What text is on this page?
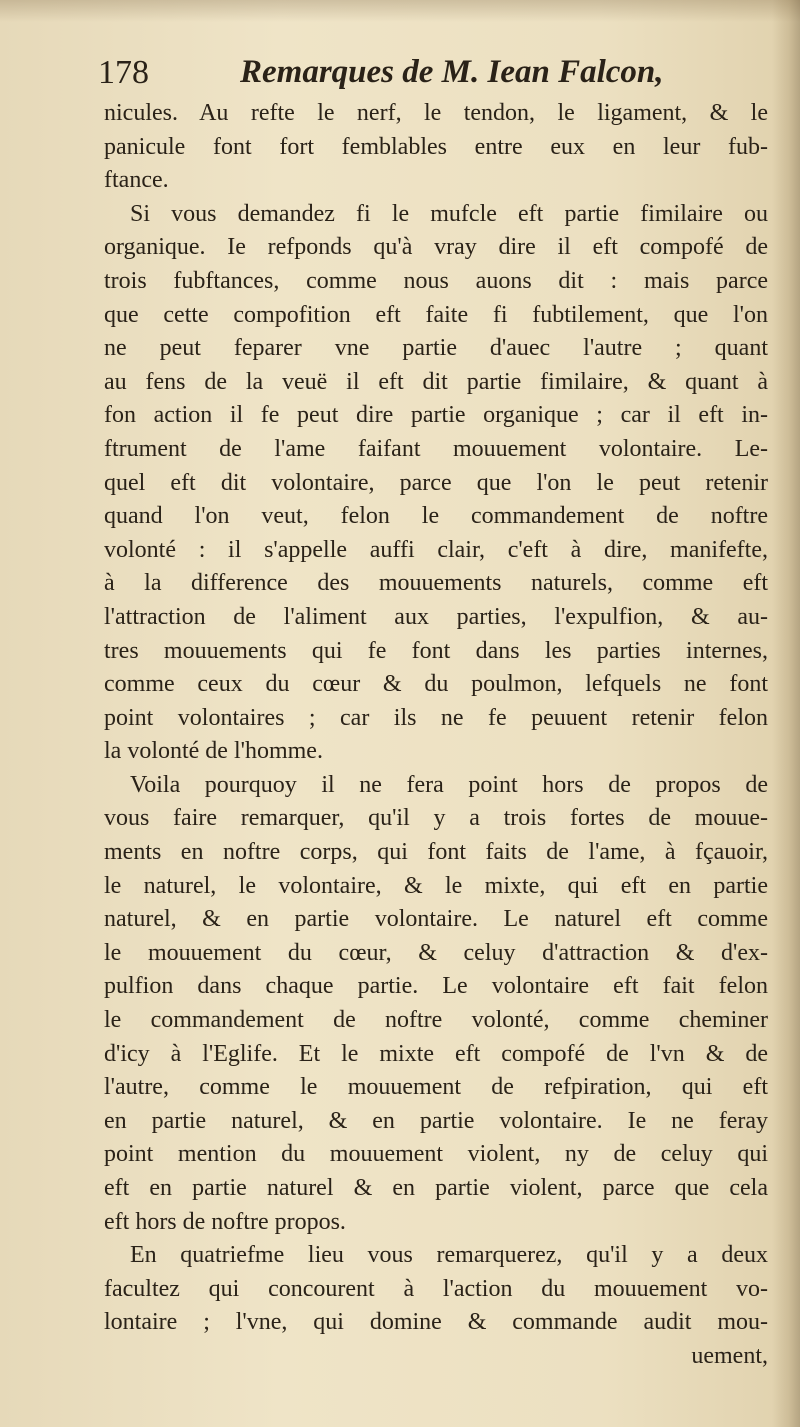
178	Remarques de M. Iean Falcon,
nicules. Au refte le nerf, le tendon, le ligament, & le
panicule font fort femblables entre eux en leur fub-
ftance.
Si vous demandez fi le mufcle eft partie fimilaire ou
organique. Ie refponds qu'à vray dire il eft compofé de
trois fubftances, comme nous auons dit : mais parce
que cette compofition eft faite fi fubtilement, que l'on
ne peut feparer vne partie d'auec l'autre ; quant
au fens de la veuë il eft dit partie fimilaire, & quant à
fon action il fe peut dire partie organique ; car il eft in-
ftrument de l'ame faifant mouuement volontaire. Le-
quel eft dit volontaire, parce que l'on le peut retenir
quand l'on veut, felon le commandement de noftre
volonté : il s'appelle auffi clair, c'eft à dire, manifefte,
à la difference des mouuements naturels, comme eft
l'attraction de l'aliment aux parties, l'expulfion, & au-
tres mouuements qui fe font dans les parties internes,
comme ceux du cœur & du poulmon, lefquels ne font
point volontaires ; car ils ne fe peuuent retenir felon
la volonté de l'homme.
Voila pourquoy il ne fera point hors de propos de
vous faire remarquer, qu'il y a trois fortes de mouue-
ments en noftre corps, qui font faits de l'ame, à fçauoir,
le naturel, le volontaire, & le mixte, qui eft en partie
naturel, & en partie volontaire. Le naturel eft comme
le mouuement du cœur, & celuy d'attraction & d'ex-
pulfion dans chaque partie. Le volontaire eft fait felon
le commandement de noftre volonté, comme cheminer
d'icy à l'Eglife. Et le mixte eft compofé de l'vn & de
l'autre, comme le mouuement de refpiration, qui eft
en partie naturel, & en partie volontaire. Ie ne feray
point mention du mouuement violent, ny de celuy qui
eft en partie naturel & en partie violent, parce que cela
eft hors de noftre propos.
En quatriefme lieu vous remarquerez, qu'il y a deux
facultez qui concourent à l'action du mouuement vo-
lontaire ; l'vne, qui domine & commande audit mou-
uement,
